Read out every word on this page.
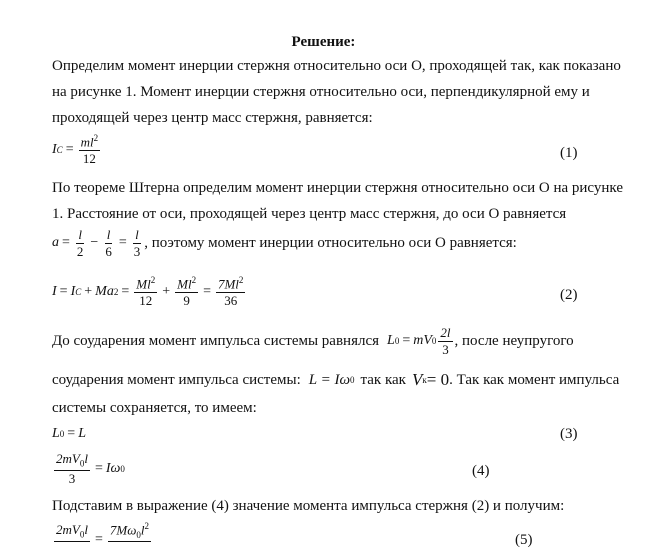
Решение:
Определим момент инерции стержня относительно оси О, проходящей так, как показано
на рисунке 1. Момент инерции стержня относительно оси, перпендикулярной ему и
проходящей через центр масс стержня, равняется:
I $C = \frac{ml^2}{12}$	(1)
По теореме Штерна определим момент инерции стержня относительно оси О на рисунке
1. Расстояние от оси, проходящей через центр масс стержня, до оси О равняется
$a = \frac{l}{2} - \frac{l}{6} = \frac{l}{3}$ , поэтому момент инерции относительно оси О равняется:
I = I C + Ma $2 = \frac{Ml^2}{12} + \frac{Ml^2}{9} = \frac{7Ml^2}{36}$	(2)
До соударения момент импульса системы равнялся L 0 = mV $0 \frac{2l}{3}$ , после неупругого
соударения момент импульса системы: L = Iω 0 так как V к = 0 . Так как момент импульса
системы сохраняется, то имеем:
L 0 = L	(3)
$\frac{2mV_0l}{3} = I\omega$ 0	(4)
Подставим в выражение (4) значение момента импульса стержня (2) и получим:
$2mV_0l$

=
$7M\omega_0l^2$

(5)
